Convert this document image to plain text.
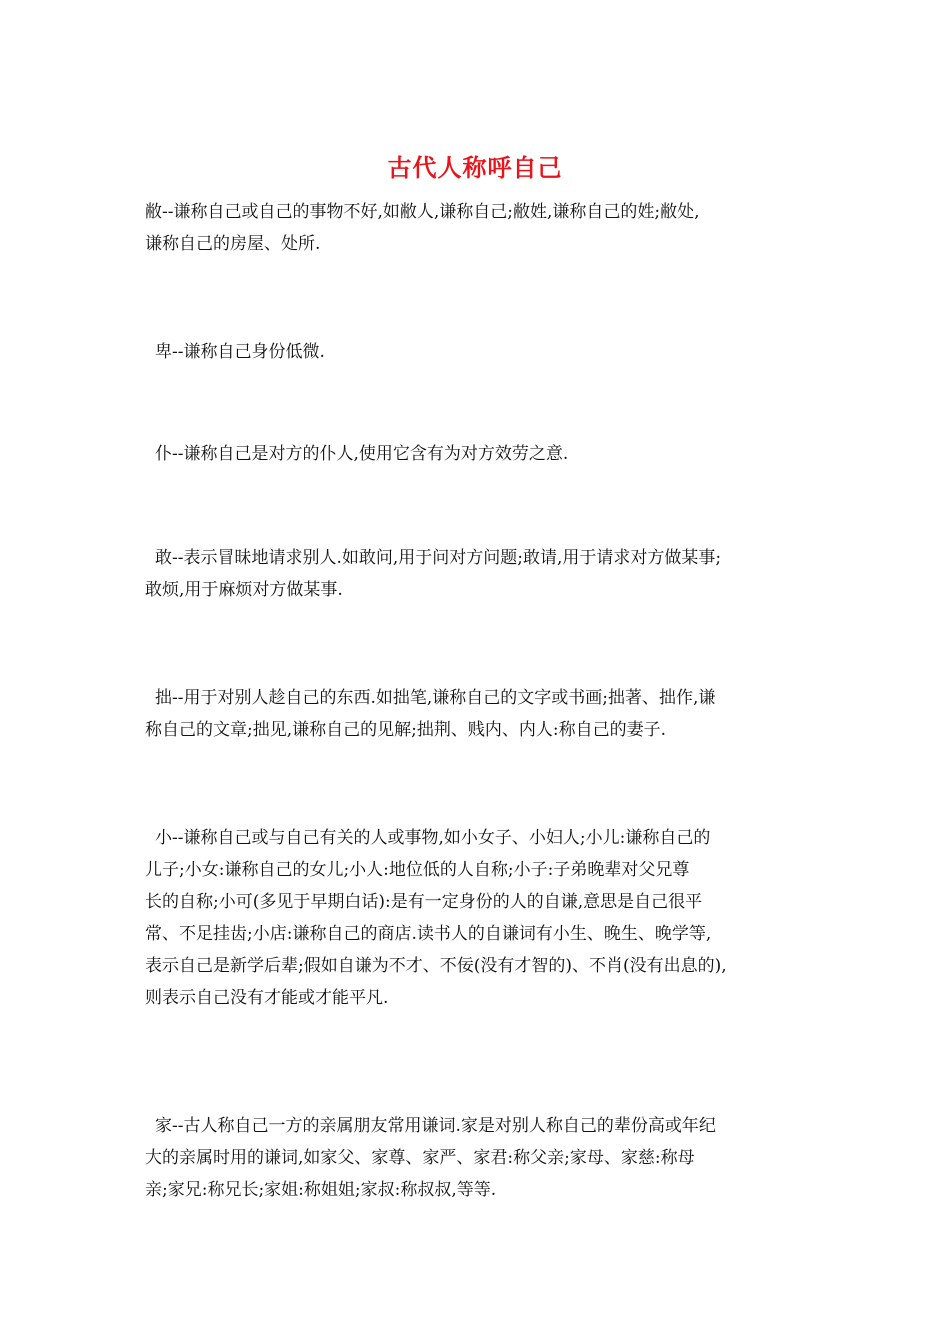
古代人称呼自己
敝--谦称自己或自己的事物不好,如敝人,谦称自己;敝姓,谦称自己的姓;敝处,
谦称自己的房屋、处所.
卑--谦称自己身份低微.
仆--谦称自己是对方的仆人,使用它含有为对方效劳之意.
敢--表示冒昧地请求别人.如敢问,用于问对方问题;敢请,用于请求对方做某事;
敢烦,用于麻烦对方做某事.
拙--用于对别人趁自己的东西.如拙笔,谦称自己的文字或书画;拙著、拙作,谦
称自己的文章;拙见,谦称自己的见解;拙荆、贱内、内人:称自己的妻子.
小--谦称自己或与自己有关的人或事物,如小女子、小妇人;小儿:谦称自己的
儿子;小女:谦称自己的女儿;小人:地位低的人自称;小子:子弟晚辈对父兄尊
长的自称;小可(多见于早期白话):是有一定身份的人的自谦,意思是自己很平
常、不足挂齿;小店:谦称自己的商店.读书人的自谦词有小生、晚生、晚学等,
表示自己是新学后辈;假如自谦为不才、不佞(没有才智的)、不肖(没有出息的),
则表示自己没有才能或才能平凡.
家--古人称自己一方的亲属朋友常用谦词.家是对别人称自己的辈份高或年纪
大的亲属时用的谦词,如家父、家尊、家严、家君:称父亲;家母、家慈:称母
亲;家兄:称兄长;家姐:称姐姐;家叔:称叔叔,等等.
